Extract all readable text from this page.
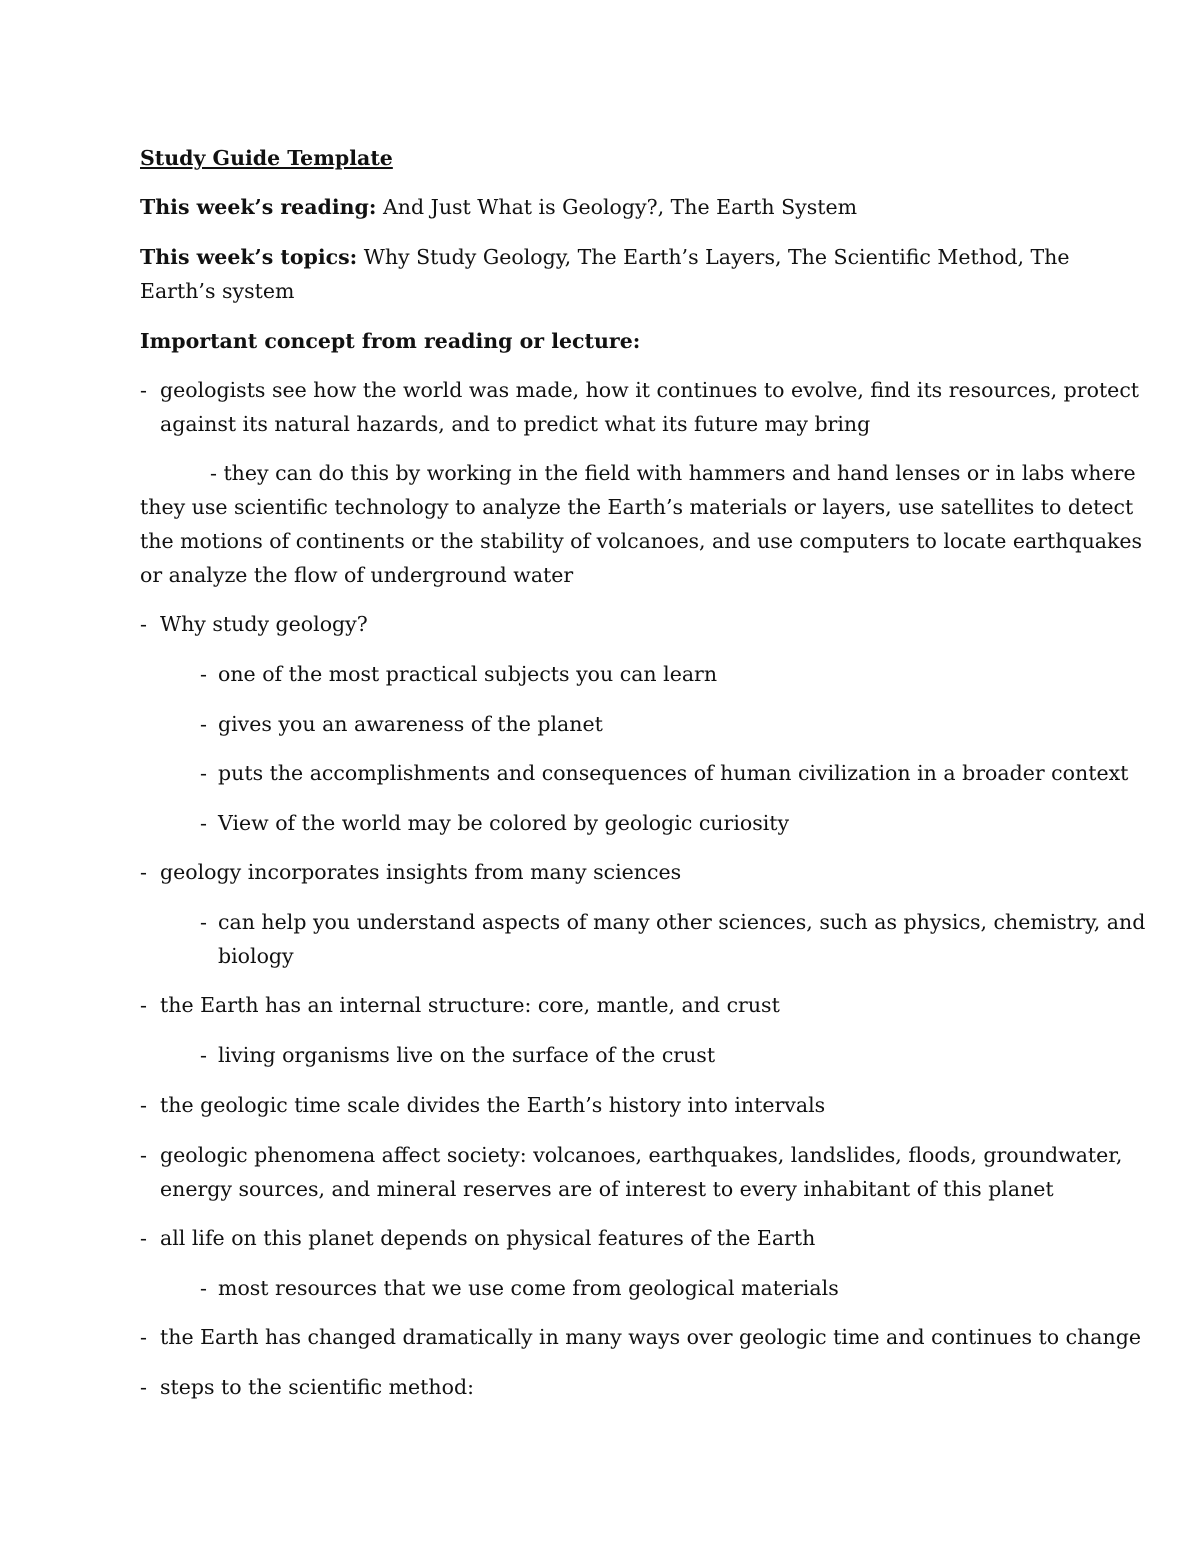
Study Guide Template
This week’s reading: And Just What is Geology?, The Earth System
This week’s topics: Why Study Geology, The Earth’s Layers, The Scientific Method, The
Earth’s system
Important concept from reading or lecture:
- geologists see how the world was made, how it continues to evolve, find its resources, protect
against its natural hazards, and to predict what its future may bring
- they can do this by working in the field with hammers and hand lenses or in labs where
they use scientific technology to analyze the Earth’s materials or layers, use satellites to detect
the motions of continents or the stability of volcanoes, and use computers to locate earthquakes
or analyze the flow of underground water
- Why study geology?
- one of the most practical subjects you can learn
- gives you an awareness of the planet
- puts the accomplishments and consequences of human civilization in a broader context
- View of the world may be colored by geologic curiosity
- geology incorporates insights from many sciences
- can help you understand aspects of many other sciences, such as physics, chemistry, and
biology
- the Earth has an internal structure: core, mantle, and crust
- living organisms live on the surface of the crust
- the geologic time scale divides the Earth’s history into intervals
- geologic phenomena affect society: volcanoes, earthquakes, landslides, floods, groundwater,
energy sources, and mineral reserves are of interest to every inhabitant of this planet
- all life on this planet depends on physical features of the Earth
- most resources that we use come from geological materials
- the Earth has changed dramatically in many ways over geologic time and continues to change
- steps to the scientific method:
